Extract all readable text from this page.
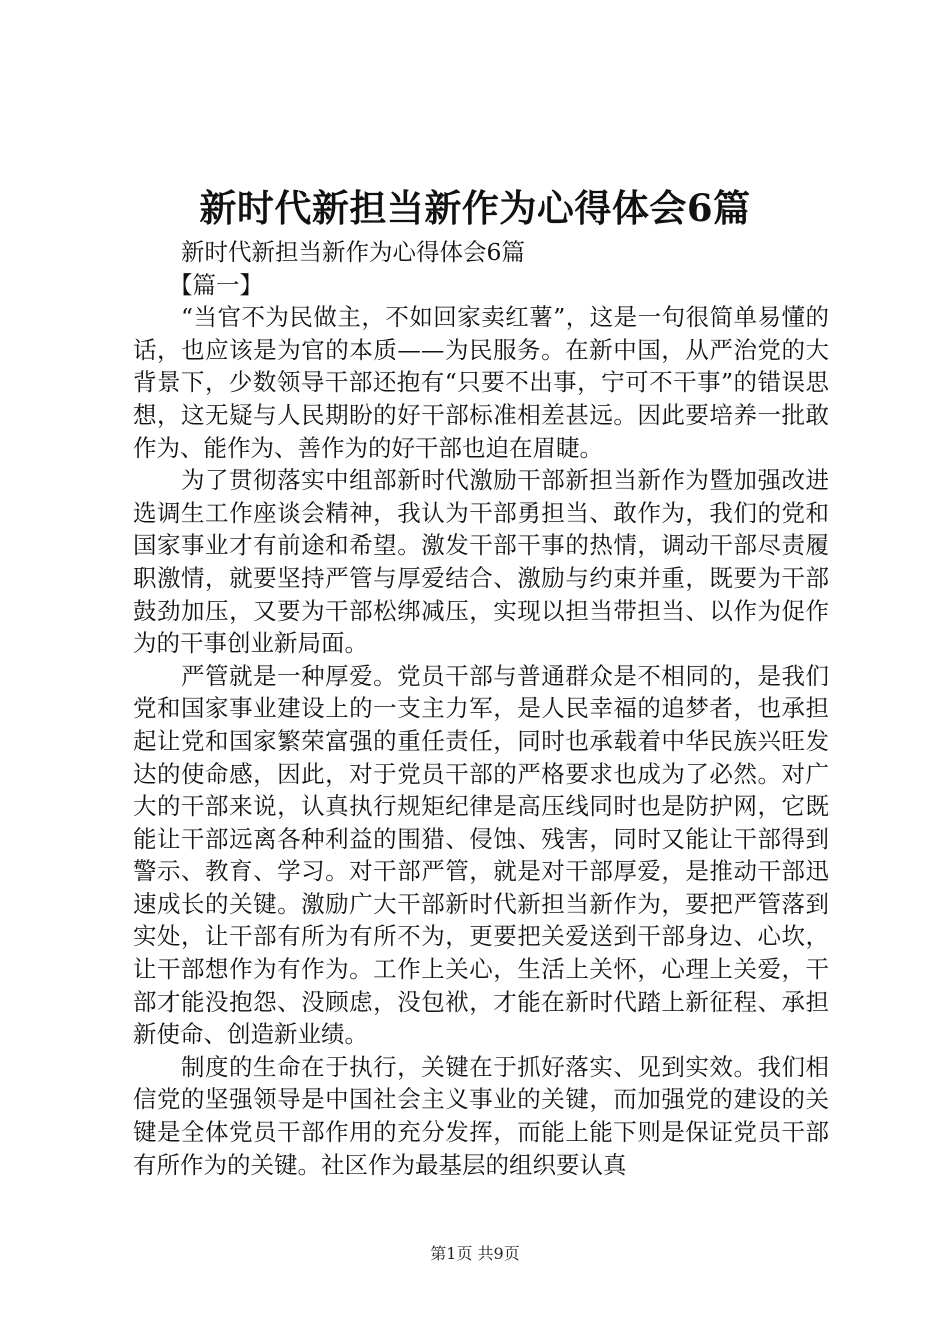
新时代新担当新作为心得体会6篇

新时代新担当新作为心得体会6篇

【篇一】

“当官不为民做主，不如回家卖红薯”，这是一句很简单易懂的话，也应该是为官的本质——为民服务。在新中国，从严治党的大背景下，少数领导干部还抱有“只要不出事，宁可不干事”的错误思想，这无疑与人民期盼的好干部标准相差甚远。因此要培养一批敢作为、能作为、善作为的好干部也迫在眉睫。

为了贯彻落实中组部新时代激励干部新担当新作为暨加强改进选调生工作座谈会精神，我认为干部勇担当、敢作为，我们的党和国家事业才有前途和希望。激发干部干事的热情，调动干部尽责履职激情，就要坚持严管与厚爱结合、激励与约束并重，既要为干部鼓劲加压，又要为干部松绑减压，实现以担当带担当、以作为促作为的干事创业新局面。

严管就是一种厚爱。党员干部与普通群众是不相同的，是我们党和国家事业建设上的一支主力军，是人民幸福的追梦者，也承担起让党和国家繁荣富强的重任责任，同时也承载着中华民族兴旺发达的使命感，因此，对于党员干部的严格要求也成为了必然。对广大的干部来说，认真执行规矩纪律是高压线同时也是防护网，它既能让干部远离各种利益的围猎、侵蚀、残害，同时又能让干部得到警示、教育、学习。对干部严管，就是对干部厚爱，是推动干部迅速成长的关键。激励广大干部新时代新担当新作为，要把严管落到实处，让干部有所为有所不为，更要把关爱送到干部身边、心坎，让干部想作为有作为。工作上关心，生活上关怀，心理上关爱，干部才能没抱怨、没顾虑，没包袱，才能在新时代踏上新征程、承担新使命、创造新业绩。

制度的生命在于执行，关键在于抓好落实、见到实效。我们相信党的坚强领导是中国社会主义事业的关键，而加强党的建设的关键是全体党员干部作用的充分发挥，而能上能下则是保证党员干部有所作为的关键。社区作为最基层的组织要认真

第1页 共9页
